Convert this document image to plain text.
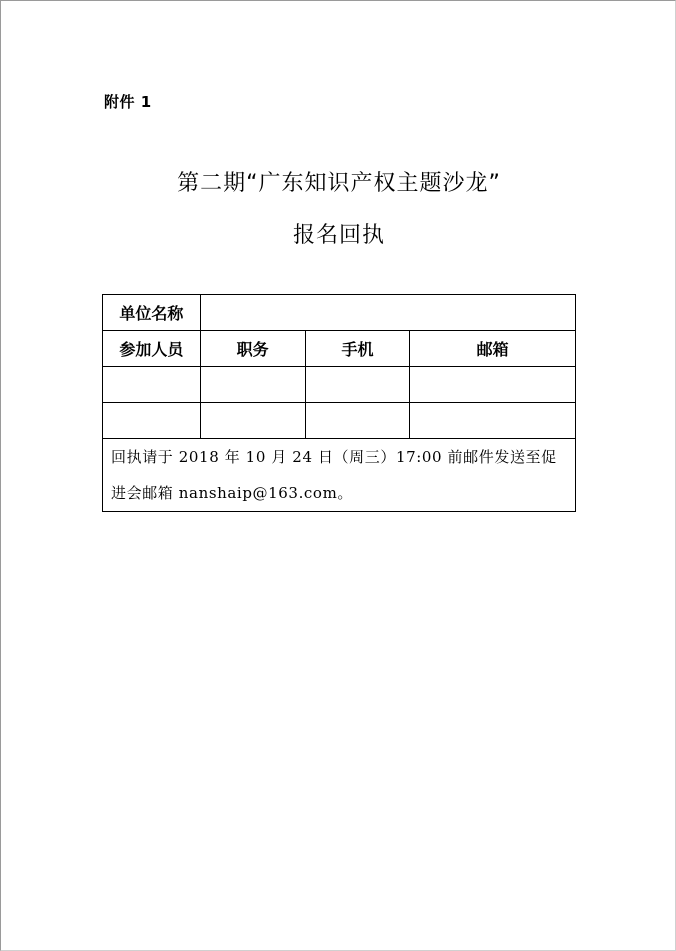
附件 1
第二期“广东知识产权主题沙龙”
报名回执
单位名称			
参加人员	职务	手机	邮箱

回执请于 2018 年 10 月 24 日（周三）17:00 前邮件发送至促进会邮箱 nanshaip@163.com。			
